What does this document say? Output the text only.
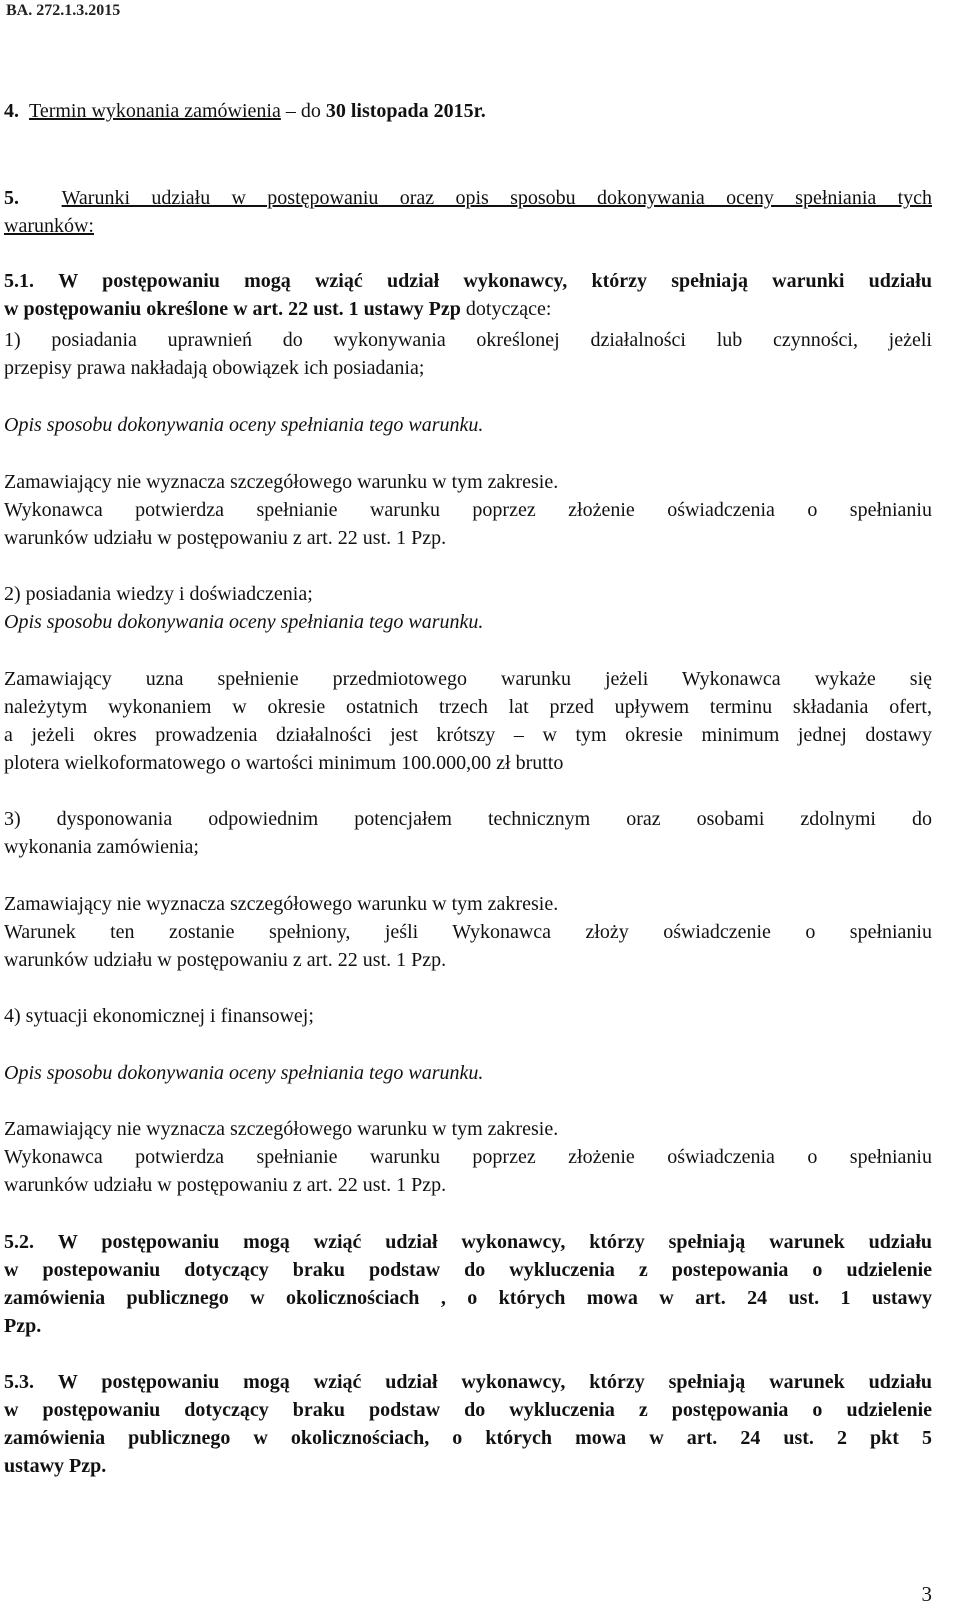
BA. 272.1.3.2015
4. Termin wykonania zamówienia – do 30 listopada 2015r.
5. Warunki udziału w postępowaniu oraz opis sposobu dokonywania oceny spełniania tych
warunków:
5.1. W postępowaniu mogą wziąć udział wykonawcy, którzy spełniają warunki udziału
w postępowaniu określone w art. 22 ust. 1 ustawy Pzp dotyczące:
1) posiadania uprawnień do wykonywania określonej działalności lub czynności, jeżeli
przepisy prawa nakładają obowiązek ich posiadania;
Opis sposobu dokonywania oceny spełniania tego warunku.
Zamawiający nie wyznacza szczegółowego warunku w tym zakresie.
Wykonawca potwierdza spełnianie warunku poprzez złożenie oświadczenia o spełnianiu
warunków udziału w postępowaniu z art. 22 ust. 1 Pzp.
2) posiadania wiedzy i doświadczenia;
Opis sposobu dokonywania oceny spełniania tego warunku.
Zamawiający uzna spełnienie przedmiotowego warunku jeżeli Wykonawca wykaże się
należytym wykonaniem w okresie ostatnich trzech lat przed upływem terminu składania ofert,
a jeżeli okres prowadzenia działalności jest krótszy – w tym okresie minimum jednej dostawy
plotera wielkoformatowego o wartości minimum 100.000,00 zł brutto
3) dysponowania odpowiednim potencjałem technicznym oraz osobami zdolnymi do
wykonania zamówienia;
Zamawiający nie wyznacza szczegółowego warunku w tym zakresie.
Warunek ten zostanie spełniony, jeśli Wykonawca złoży oświadczenie o spełnianiu
warunków udziału w postępowaniu z art. 22 ust. 1 Pzp.
4) sytuacji ekonomicznej i finansowej;
Opis sposobu dokonywania oceny spełniania tego warunku.
Zamawiający nie wyznacza szczegółowego warunku w tym zakresie.
Wykonawca potwierdza spełnianie warunku poprzez złożenie oświadczenia o spełnianiu
warunków udziału w postępowaniu z art. 22 ust. 1 Pzp.
5.2. W postępowaniu mogą wziąć udział wykonawcy, którzy spełniają warunek udziału
w postepowaniu dotyczący braku podstaw do wykluczenia z postepowania o udzielenie
zamówienia publicznego w okolicznościach , o których mowa w art. 24 ust. 1 ustawy
Pzp.
5.3. W postępowaniu mogą wziąć udział wykonawcy, którzy spełniają warunek udziału
w postępowaniu dotyczący braku podstaw do wykluczenia z postępowania o udzielenie
zamówienia publicznego w okolicznościach, o których mowa w art. 24 ust. 2 pkt 5
ustawy Pzp.
3
